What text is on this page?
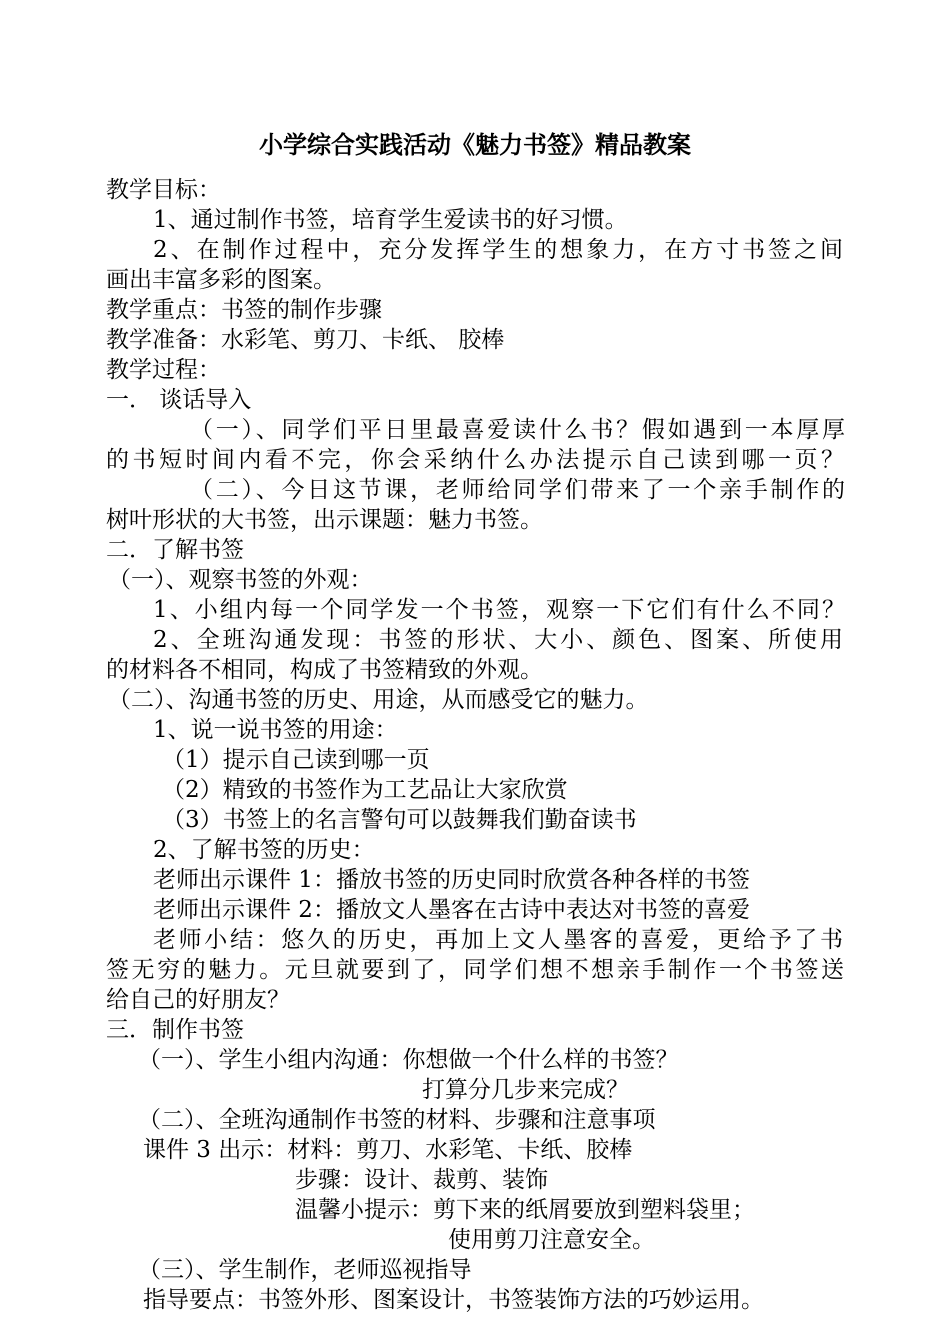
小学综合实践活动《魅力书签》精品教案
教学目标：
1、通过制作书签，培育学生爱读书的好习惯。
2、在制作过程中，充分发挥学生的想象力，在方寸书签之间
画出丰富多彩的图案。
教学重点：书签的制作步骤
教学准备：水彩笔、剪刀、卡纸、 胶棒
教学过程：
一． 谈话导入
（一）、同学们平日里最喜爱读什么书？假如遇到一本厚厚
的书短时间内看不完，你会采纳什么办法提示自己读到哪一页？
（二）、今日这节课，老师给同学们带来了一个亲手制作的
树叶形状的大书签，出示课题：魅力书签。
二．了解书签
（一）、观察书签的外观：
1、小组内每一个同学发一个书签，观察一下它们有什么不同？
2、全班沟通发现：书签的形状、大小、颜色、图案、所使用
的材料各不相同，构成了书签精致的外观。
（二）、沟通书签的历史、用途，从而感受它的魅力。
1、说一说书签的用途：
（1）提示自己读到哪一页
（2）精致的书签作为工艺品让大家欣赏
（3）书签上的名言警句可以鼓舞我们勤奋读书
2、了解书签的历史：
老师出示课件 1：播放书签的历史同时欣赏各种各样的书签
老师出示课件 2：播放文人墨客在古诗中表达对书签的喜爱
老师小结：悠久的历史，再加上文人墨客的喜爱，更给予了书
签无穷的魅力。元旦就要到了，同学们想不想亲手制作一个书签送
给自己的好朋友？
三．制作书签
（一）、学生小组内沟通：你想做一个什么样的书签？
打算分几步来完成？
（二）、全班沟通制作书签的材料、步骤和注意事项
课件 3 出示：材料：剪刀、水彩笔、卡纸、胶棒
步骤：设计、裁剪、装饰
温馨小提示：剪下来的纸屑要放到塑料袋里；
使用剪刀注意安全。
（三）、学生制作，老师巡视指导
指导要点：书签外形、图案设计，书签装饰方法的巧妙运用。
